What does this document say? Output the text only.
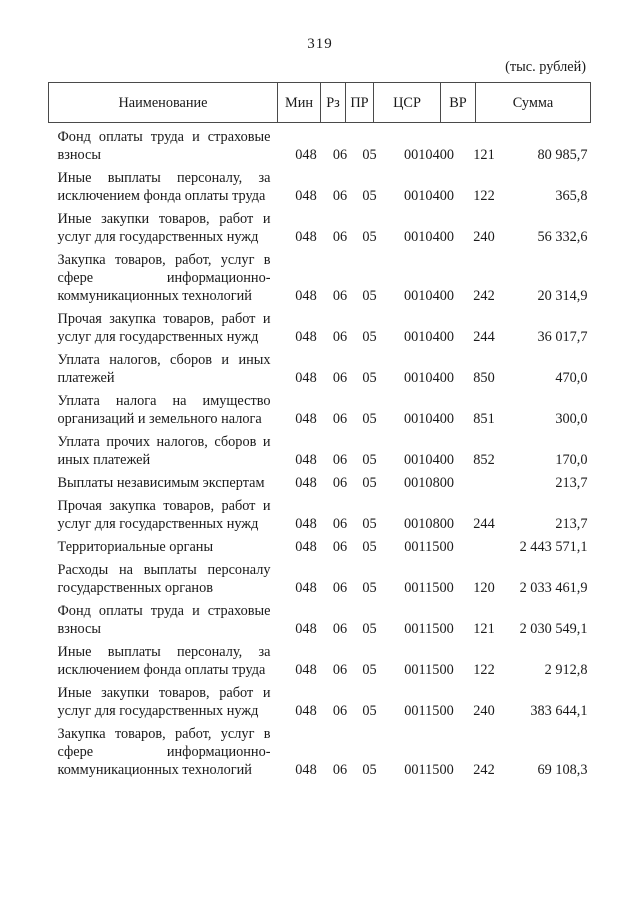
319
(тыс. рублей)
Наименование	Мин	Рз	ПР	ЦСР	ВР	Сумма
Фонд оплаты труда и страховые взносы	048	06	05	0010400	121	80 985,7
Иные выплаты персоналу, за исключением фонда оплаты труда	048	06	05	0010400	122	365,8
Иные закупки товаров, работ и услуг для государственных нужд	048	06	05	0010400	240	56 332,6
Закупка товаров, работ, услуг в сфере информационно-коммуникационных технологий	048	06	05	0010400	242	20 314,9
Прочая закупка товаров, работ и услуг для государственных нужд	048	06	05	0010400	244	36 017,7
Уплата налогов, сборов и иных платежей	048	06	05	0010400	850	470,0
Уплата налога на имущество организаций и земельного налога	048	06	05	0010400	851	300,0
Уплата прочих налогов, сборов и иных платежей	048	06	05	0010400	852	170,0
Выплаты независимым экспертам	048	06	05	0010800		213,7
Прочая закупка товаров, работ и услуг для государственных нужд	048	06	05	0010800	244	213,7
Территориальные органы	048	06	05	0011500		2 443 571,1
Расходы на выплаты персоналу государственных органов	048	06	05	0011500	120	2 033 461,9
Фонд оплаты труда и страховые взносы	048	06	05	0011500	121	2 030 549,1
Иные выплаты персоналу, за исключением фонда оплаты труда	048	06	05	0011500	122	2 912,8
Иные закупки товаров, работ и услуг для государственных нужд	048	06	05	0011500	240	383 644,1
Закупка товаров, работ, услуг в сфере информационно-коммуникационных технологий	048	06	05	0011500	242	69 108,3
